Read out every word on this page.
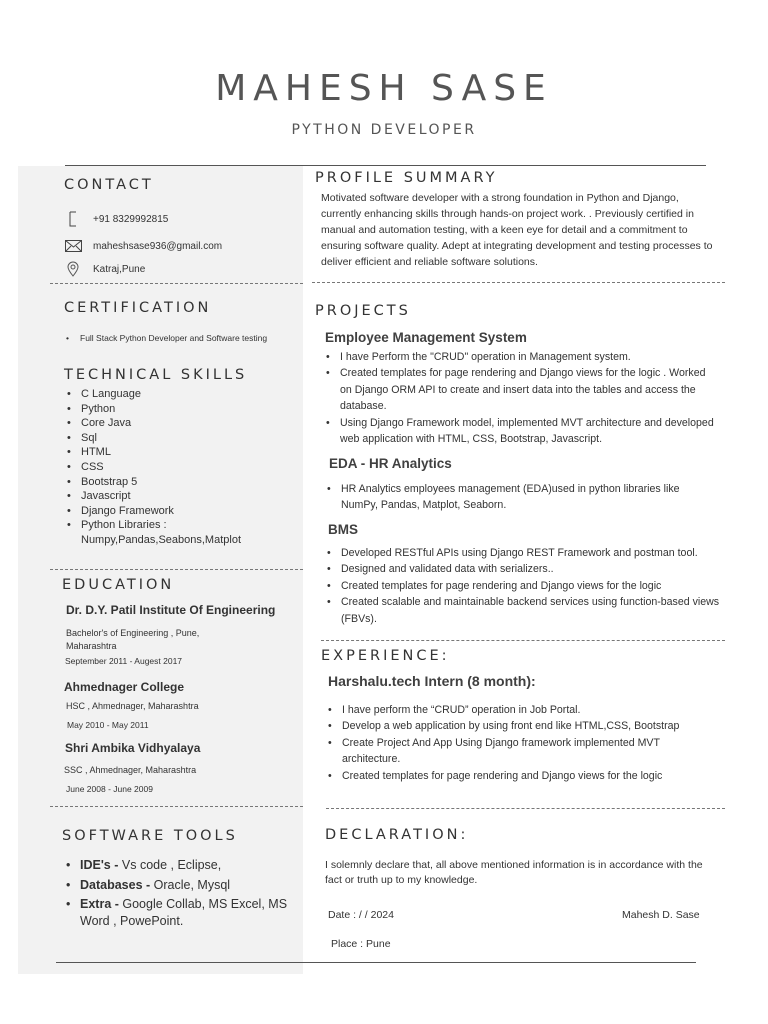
MAHESH SASE
PYTHON DEVELOPER
CONTACT
+91 8329992815
maheshsase936@gmail.com
Katraj,Pune
CERTIFICATION
• Full Stack Python Developer and Software testing
TECHNICAL SKILLS
• C Language
• Python
• Core Java
• Sql
• HTML
• CSS
• Bootstrap 5
• Javascript
• Django Framework
• Python Libraries : Numpy,Pandas,Seabons,Matplot
EDUCATION
Dr. D.Y. Patil Institute Of Engineering
Bachelor's of Engineering , Pune, Maharashtra
September 2011 - Augest 2017
Ahmednager College
HSC , Ahmednager, Maharashtra
May 2010 - May 2011
Shri Ambika Vidhyalaya
SSC , Ahmednager, Maharashtra
June 2008 - June 2009
SOFTWARE TOOLS
• IDE's - Vs code , Eclipse,
• Databases - Oracle, Mysql
• Extra - Google Collab, MS Excel, MS Word , PowePoint.
PROFILE SUMMARY
Motivated software developer with a strong foundation in Python and Django, currently enhancing skills through hands-on project work. . Previously certified in manual and automation testing, with a keen eye for detail and a commitment to ensuring software quality. Adept at integrating development and testing processes to deliver efficient and reliable software solutions.
PROJECTS
Employee Management System
• I have Perform the "CRUD" operation in Management system.
• Created templates for page rendering and Django views for the logic . Worked on Django ORM API to create and insert data into the tables and access the database.
• Using Django Framework model, implemented MVT architecture and developed web application with HTML, CSS, Bootstrap, Javascript.
EDA - HR Analytics
• HR Analytics employees management (EDA)used in python libraries like NumPy, Pandas, Matplot, Seaborn.
BMS
• Developed RESTful APIs using Django REST Framework and postman tool.
• Designed and validated data with serializers..
• Created templates for page rendering and Django views for the logic
• Created scalable and maintainable backend services using function-based views (FBVs).
EXPERIENCE:
Harshalu.tech Intern (8 month):
• I have perform the “CRUD” operation in Job Portal.
• Develop a web application by using front end like HTML,CSS, Bootstrap
• Create Project And App Using Django framework implemented MVT architecture.
• Created templates for page rendering and Django views for the logic
DECLARATION:
I solemnly declare that, all above mentioned information is in accordance with the fact or truth up to my knowledge.
Date : / / 2024	Mahesh D. Sase
Place : Pune
